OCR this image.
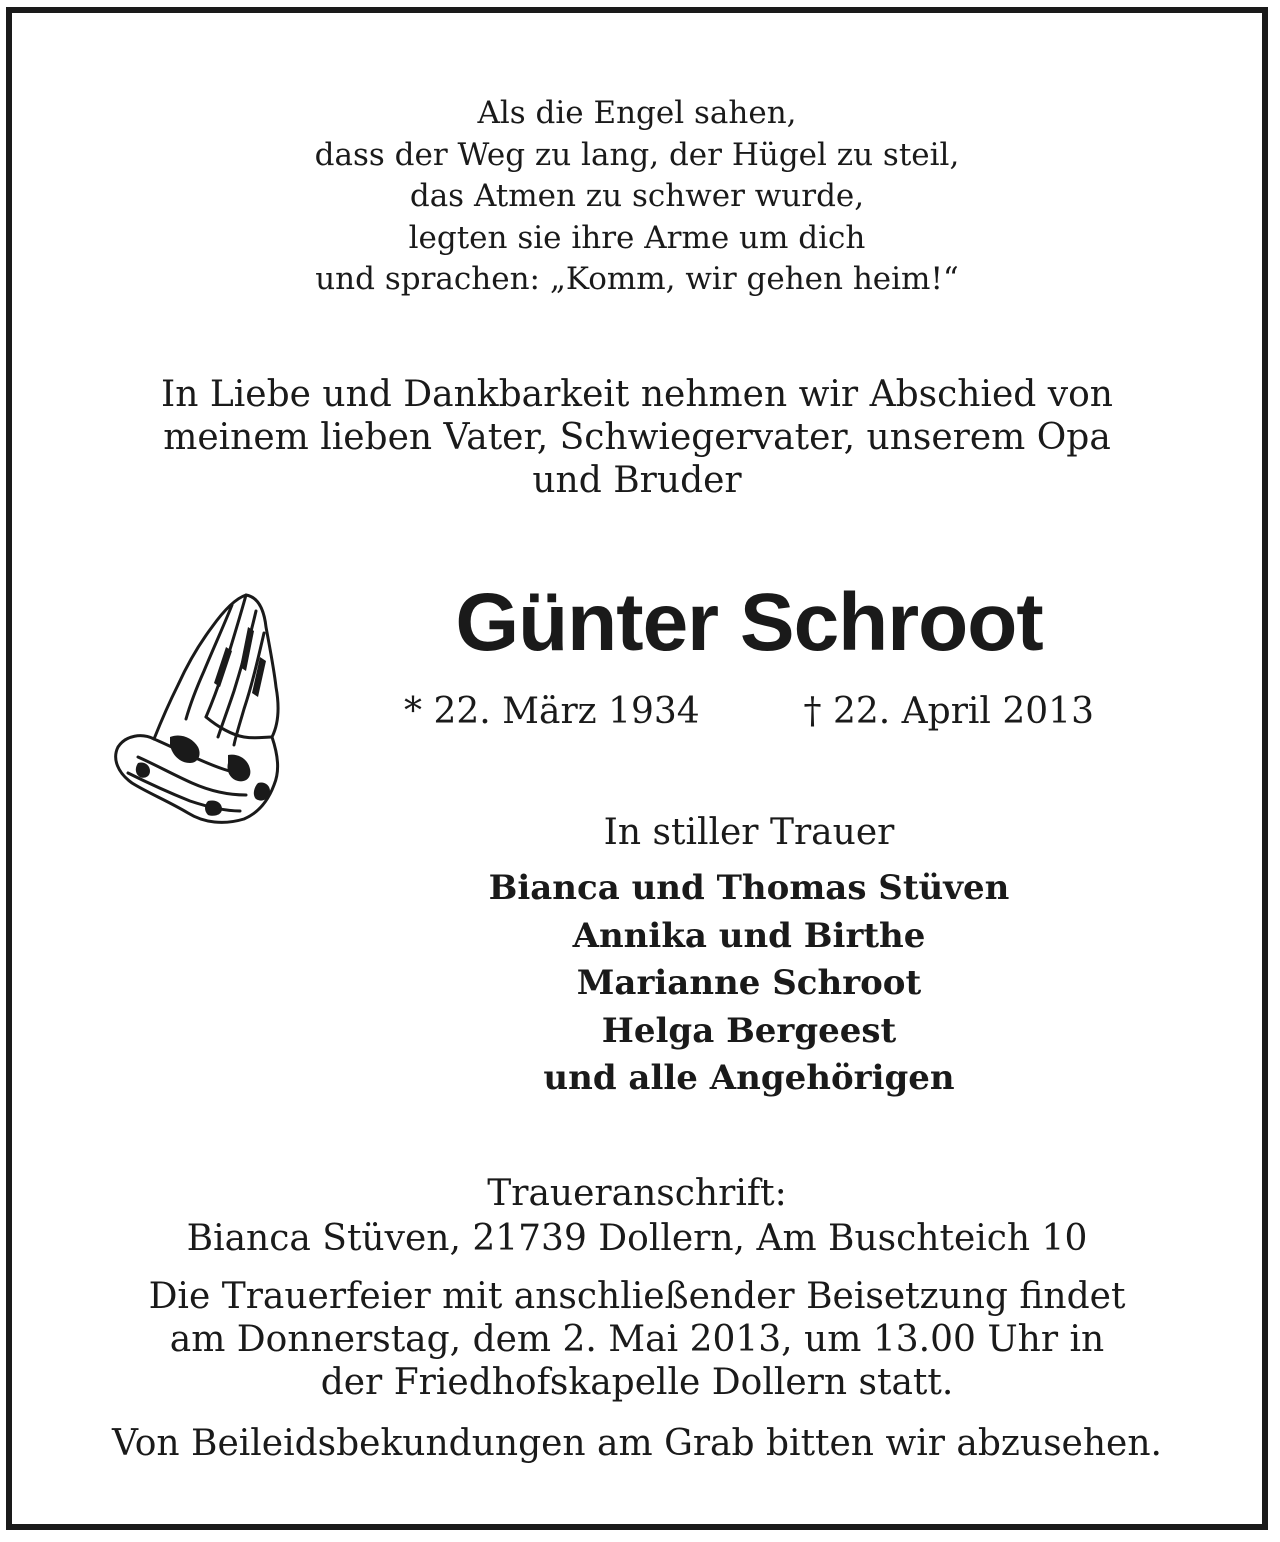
Als die Engel sahen,
dass der Weg zu lang, der Hügel zu steil,
das Atmen zu schwer wurde,
legten sie ihre Arme um dich
und sprachen: „Komm, wir gehen heim!“
In Liebe und Dankbarkeit nehmen wir Abschied von
meinem lieben Vater, Schwiegervater, unserem Opa
und Bruder
Günter Schroot
* 22. März 1934	† 22. April 2013
In stiller Trauer
Bianca und Thomas Stüven
Annika und Birthe
Marianne Schroot
Helga Bergeest
und alle Angehörigen
Traueranschrift:
Bianca Stüven, 21739 Dollern, Am Buschteich 10
Die Trauerfeier mit anschließender Beisetzung findet
am Donnerstag, dem 2. Mai 2013, um 13.00 Uhr in
der Friedhofskapelle Dollern statt.
Von Beileidsbekundungen am Grab bitten wir abzusehen.
